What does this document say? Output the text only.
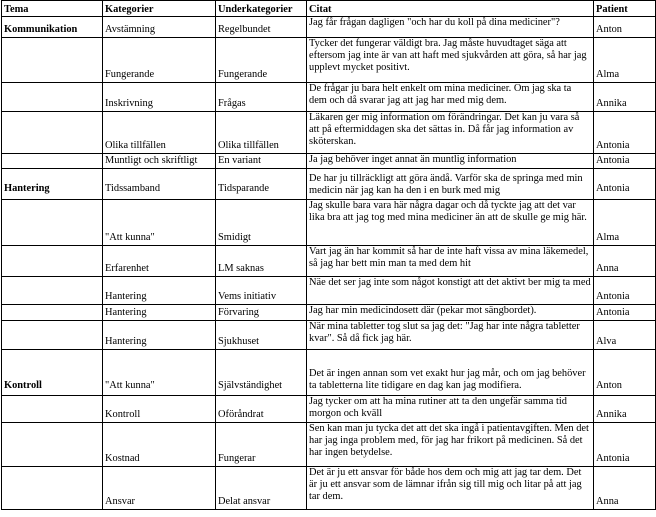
Tema	Kategorier	Underkategorier	Citat	Patient
Kommunikation	Avstämning	Regelbundet	Jag får frågan dagligen "och har du koll på dina mediciner"?	Anton
	Fungerande	Fungerande	Tycker det fungerar väldigt bra. Jag måste huvudtaget säga att eftersom jag inte är van att haft med sjukvården att göra, så har jag upplevt mycket positivt.	Alma
	Inskrivning	Frågas	De frågar ju bara helt enkelt om mina mediciner. Om jag ska ta dem och då svarar jag att jag har med mig dem.	Annika
	Olika tillfällen	Olika tillfällen	Läkaren ger mig information om förändringar. Det kan ju vara så att på eftermiddagen ska det sättas in. Då får jag information av sköterskan.	Antonia
	Muntligt och skriftligt	En variant	Ja jag behöver inget annat än muntlig information	Antonia
Hantering	Tidssamband	Tidsparande	De har ju tillräckligt att göra ändå. Varför ska de springa med min medicin när jag kan ha den i en burk med mig	Antonia
	"Att kunna"	Smidigt	Jag skulle bara vara här några dagar och då tyckte jag att det var lika bra att jag tog med mina mediciner än att de skulle ge mig här.	Alma
	Erfarenhet	LM saknas	Vart jag än har kommit så har de inte haft vissa av mina läkemedel, så jag har bett min man ta med dem hit	Anna
	Hantering	Vems initiativ	Näe det ser jag inte som något konstigt att det aktivt ber mig ta med	Antonia
	Hantering	Förvaring	Jag har min medicindosett där (pekar mot sängbordet).	Antonia
	Hantering	Sjukhuset	När mina tabletter tog slut sa jag det: "Jag har inte några tabletter kvar". Så då fick jag här.	Alva
Kontroll	"Att kunna"	Självständighet	Det är ingen annan som vet exakt hur jag mår, och om jag behöver ta tabletterna lite tidigare en dag kan jag modifiera.	Anton
	Kontroll	Oföråndrat	Jag tycker om att ha mina rutiner att ta den ungefär samma tid morgon och kväll	Annika
	Kostnad	Fungerar	Sen kan man ju tycka det att det ska ingå i patientavgiften. Men det har jag inga problem med, för jag har frikort på medicinen. Så det har ingen betydelse.	Antonia
	Ansvar	Delat ansvar	Det är ju ett ansvar för både hos dem och mig att jag tar dem. Det är ju ett ansvar som de lämnar ifrån sig till mig och litar på att jag tar dem.	Anna
